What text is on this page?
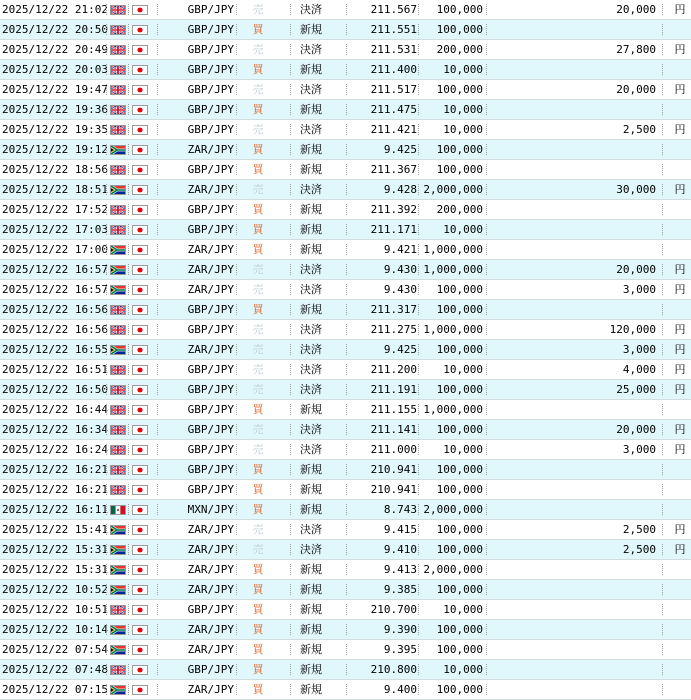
2025/12/22 21:02	GBP/JPY	売	決済	211.567	100,000	20,000 円
2025/12/22 20:50	GBP/JPY	買	新規	211.551	100,000
2025/12/22 20:49	GBP/JPY	売	決済	211.531	200,000	27,800 円
2025/12/22 20:03	GBP/JPY	買	新規	211.400	10,000
2025/12/22 19:47	GBP/JPY	売	決済	211.517	100,000	20,000 円
2025/12/22 19:36	GBP/JPY	買	新規	211.475	10,000
2025/12/22 19:35	GBP/JPY	売	決済	211.421	10,000	2,500 円
2025/12/22 19:12	ZAR/JPY	買	新規	9.425	100,000
2025/12/22 18:56	GBP/JPY	買	新規	211.367	100,000
2025/12/22 18:51	ZAR/JPY	売	決済	9.428 2,000,000	30,000 円
2025/12/22 17:52	GBP/JPY	買	新規	211.392	200,000
2025/12/22 17:03	GBP/JPY	買	新規	211.171	10,000
2025/12/22 17:00	ZAR/JPY	買	新規	9.421 1,000,000
2025/12/22 16:57	ZAR/JPY	売	決済	9.430 1,000,000	20,000 円
2025/12/22 16:57	ZAR/JPY	売	決済	9.430	100,000	3,000 円
2025/12/22 16:56	GBP/JPY	買	新規	211.317	100,000
2025/12/22 16:56	GBP/JPY	売	決済	211.275 1,000,000	120,000 円
2025/12/22 16:55	ZAR/JPY	売	決済	9.425	100,000	3,000 円
2025/12/22 16:51	GBP/JPY	売	決済	211.200	10,000	4,000 円
2025/12/22 16:50	GBP/JPY	売	決済	211.191	100,000	25,000 円
2025/12/22 16:44	GBP/JPY	買	新規	211.155 1,000,000
2025/12/22 16:34	GBP/JPY	売	決済	211.141	100,000	20,000 円
2025/12/22 16:24	GBP/JPY	売	決済	211.000	10,000	3,000 円
2025/12/22 16:21	GBP/JPY	買	新規	210.941	100,000
2025/12/22 16:21	GBP/JPY	買	新規	210.941	100,000
2025/12/22 16:11	MXN/JPY	買	新規	8.743 2,000,000
2025/12/22 15:41	ZAR/JPY	売	決済	9.415	100,000	2,500 円
2025/12/22 15:31	ZAR/JPY	売	決済	9.410	100,000	2,500 円
2025/12/22 15:31	ZAR/JPY	買	新規	9.413 2,000,000
2025/12/22 10:52	ZAR/JPY	買	新規	9.385	100,000
2025/12/22 10:51	GBP/JPY	買	新規	210.700	10,000
2025/12/22 10:14	ZAR/JPY	買	新規	9.390	100,000
2025/12/22 07:54	ZAR/JPY	買	新規	9.395	100,000
2025/12/22 07:48	GBP/JPY	買	新規	210.800	10,000
2025/12/22 07:15	ZAR/JPY	買	新規	9.400	100,000
